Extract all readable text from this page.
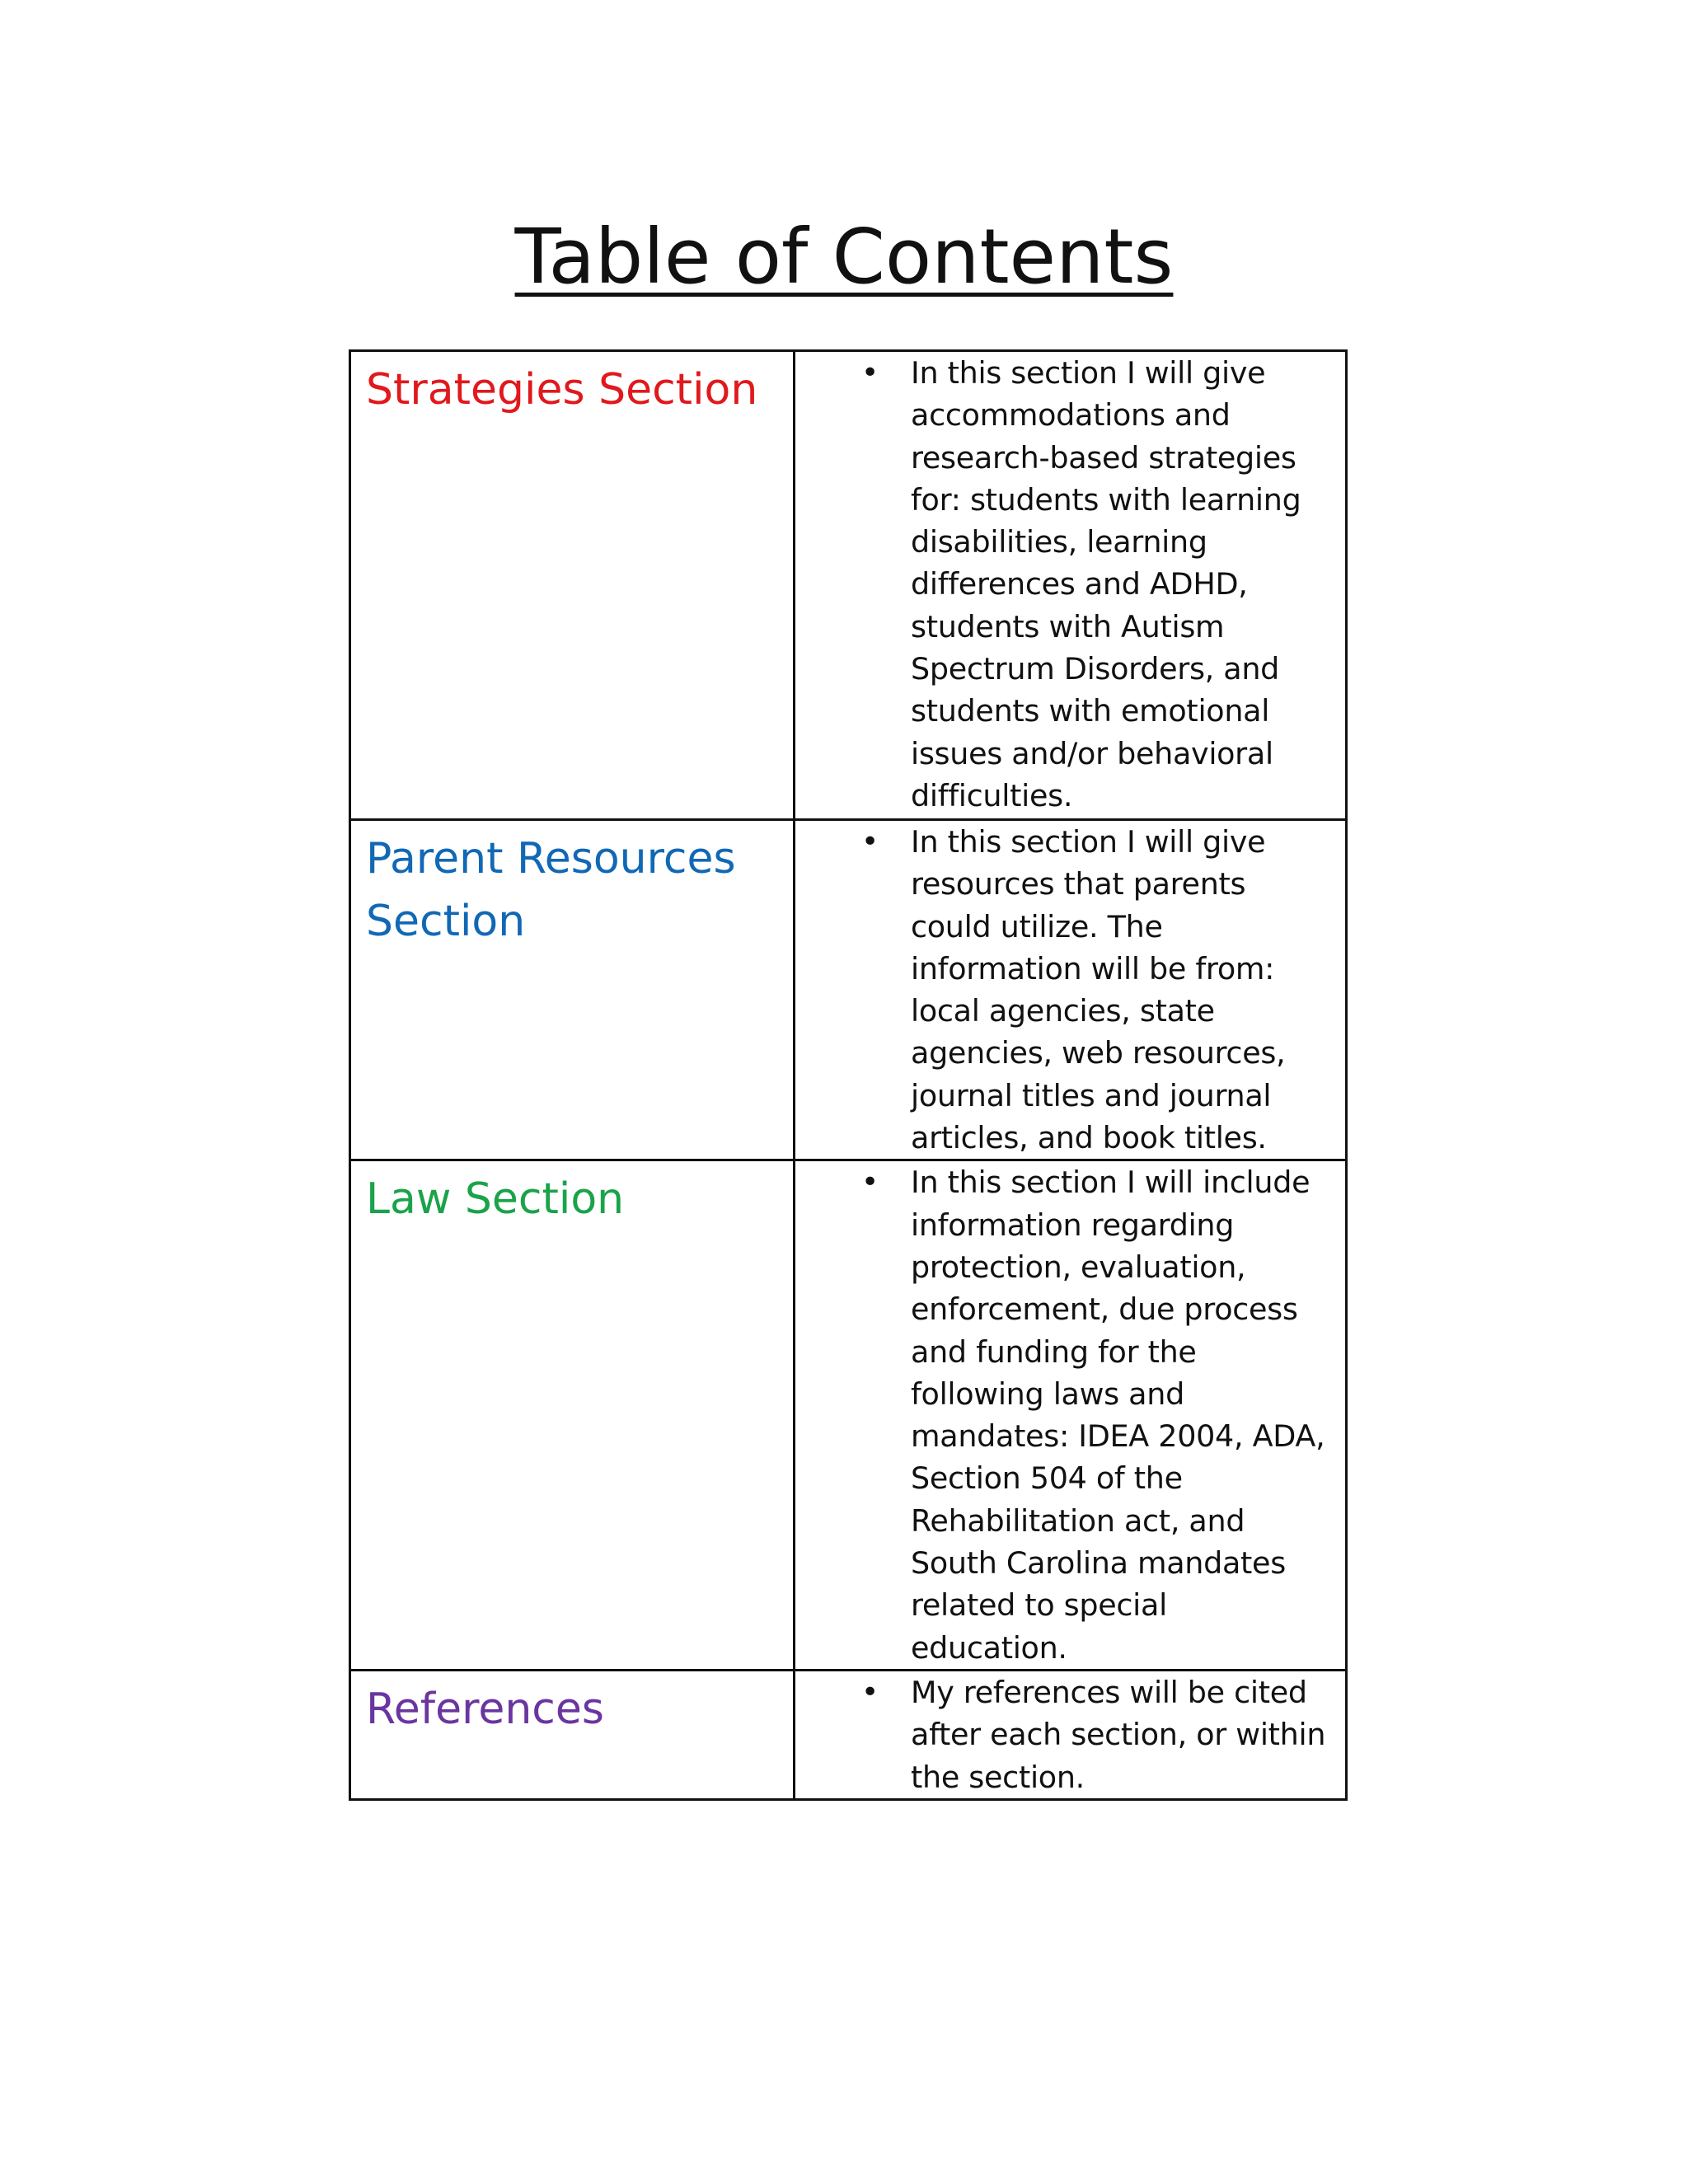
Table of Contents
Strategies Section	• In this section I will give accommodations and research-based strategies for: students with learning disabilities, learning differences and ADHD, students with Autism Spectrum Disorders, and students with emotional issues and/or behavioral difficulties.

Parent Resources Section	• In this section I will give resources that parents could utilize. The information will be from: local agencies, state agencies, web resources, journal titles and journal articles, and book titles.

Law Section	• In this section I will include information regarding protection, evaluation, enforcement, due process and funding for the following laws and mandates: IDEA 2004, ADA, Section 504 of the Rehabilitation act, and South Carolina mandates related to special education.

References	• My references will be cited after each section, or within the section.
